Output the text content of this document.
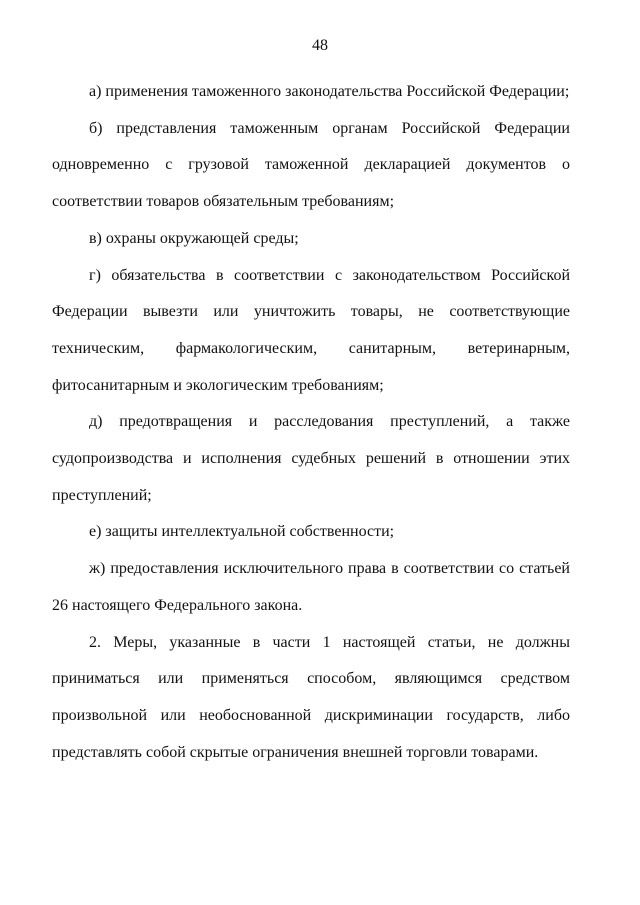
48

а) применения таможенного законодательства Российской Федерации;

б) представления таможенным органам Российской Федерации одновременно с грузовой таможенной декларацией документов о соответствии товаров обязательным требованиям;

в) охраны окружающей среды;

г) обязательства в соответствии с законодательством Российской Федерации вывезти или уничтожить товары, не соответствующие техническим, фармакологическим, санитарным, ветеринарным, фитосанитарным и экологическим требованиям;

д) предотвращения и расследования преступлений, а также судопроизводства и исполнения судебных решений в отношении этих преступлений;

е) защиты интеллектуальной собственности;

ж) предоставления исключительного права в соответствии со статьей 26 настоящего Федерального закона.

2. Меры, указанные в части 1 настоящей статьи, не должны приниматься или применяться способом, являющимся средством произвольной или необоснованной дискриминации государств, либо представлять собой скрытые ограничения внешней торговли товарами.
